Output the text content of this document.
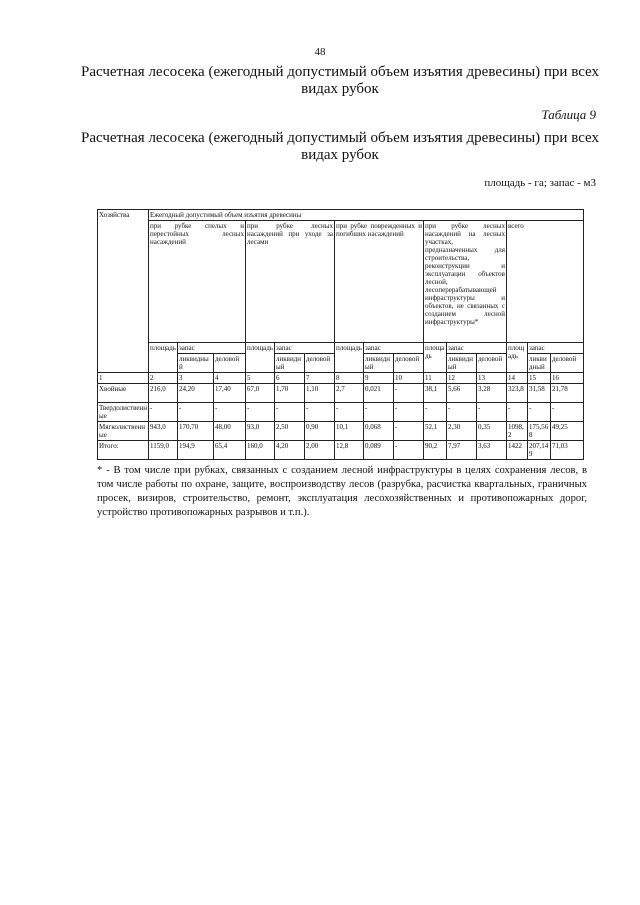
48
Расчетная лесосека (ежегодный допустимый объем изъятия древесины) при всех видах рубок
Таблица 9
Расчетная лесосека (ежегодный допустимый объем изъятия древесины) при всех видах рубок
площадь - га; запас - м3
Хозяйства	Ежегодный допустимый объем изъятия древесины														
	при рубке спелых и перестойных лесных насаждений			при рубке лесных насаждений при уходе за лесами			при рубке поврежденных и погибших насаждений			при рубке лесных насаждений на лесных участках, предназначенных для строительства, реконструкции и эксплуатации объектов лесной, лесоперерабатывающей инфраструктуры и объектов, не связанных с созданием лесной инфраструктуры*			всего		
	площадь	запас		площадь	запас		площадь	запас		площадь	запас		площадь	запас	
		ликвидный	деловой		ликвидный	деловой		ликвидный	деловой		ликвидный	деловой		ликвидный	деловой
1	2	3	4	5	6	7	8	9	10	11	12	13	14	15	16
Хвойные	216,0	24,20	17,40	67,0	1,70	1,10	2,7	0,021	-	38,1	5,66	3,28	323,8	31,58	21,78
Твердолиственные	-	-	-	-	-	-	-	-	-	-	-	-	-	-	-
Мягколиственные	943,0	170,70	48,00	93,0	2,50	0,90	10,1	0,068	-	52,1	2,30	0,35	1098,2	175,568	49,25
Итого:	1159,0	194,9	65,4	160,0	4,20	2,00	12,8	0,089	-	90,2	7,97	3,63	1422	207,149	71,03
* - В том числе при рубках, связанных с созданием лесной инфраструктуры в целях сохранения лесов, в том числе работы по охране, защите, воспроизводству лесов (разрубка, расчистка квартальных, граничных просек, визиров, строительство, ремонт, эксплуатация лесохозяйственных и противопожарных дорог, устройство противопожарных разрывов и т.п.).
